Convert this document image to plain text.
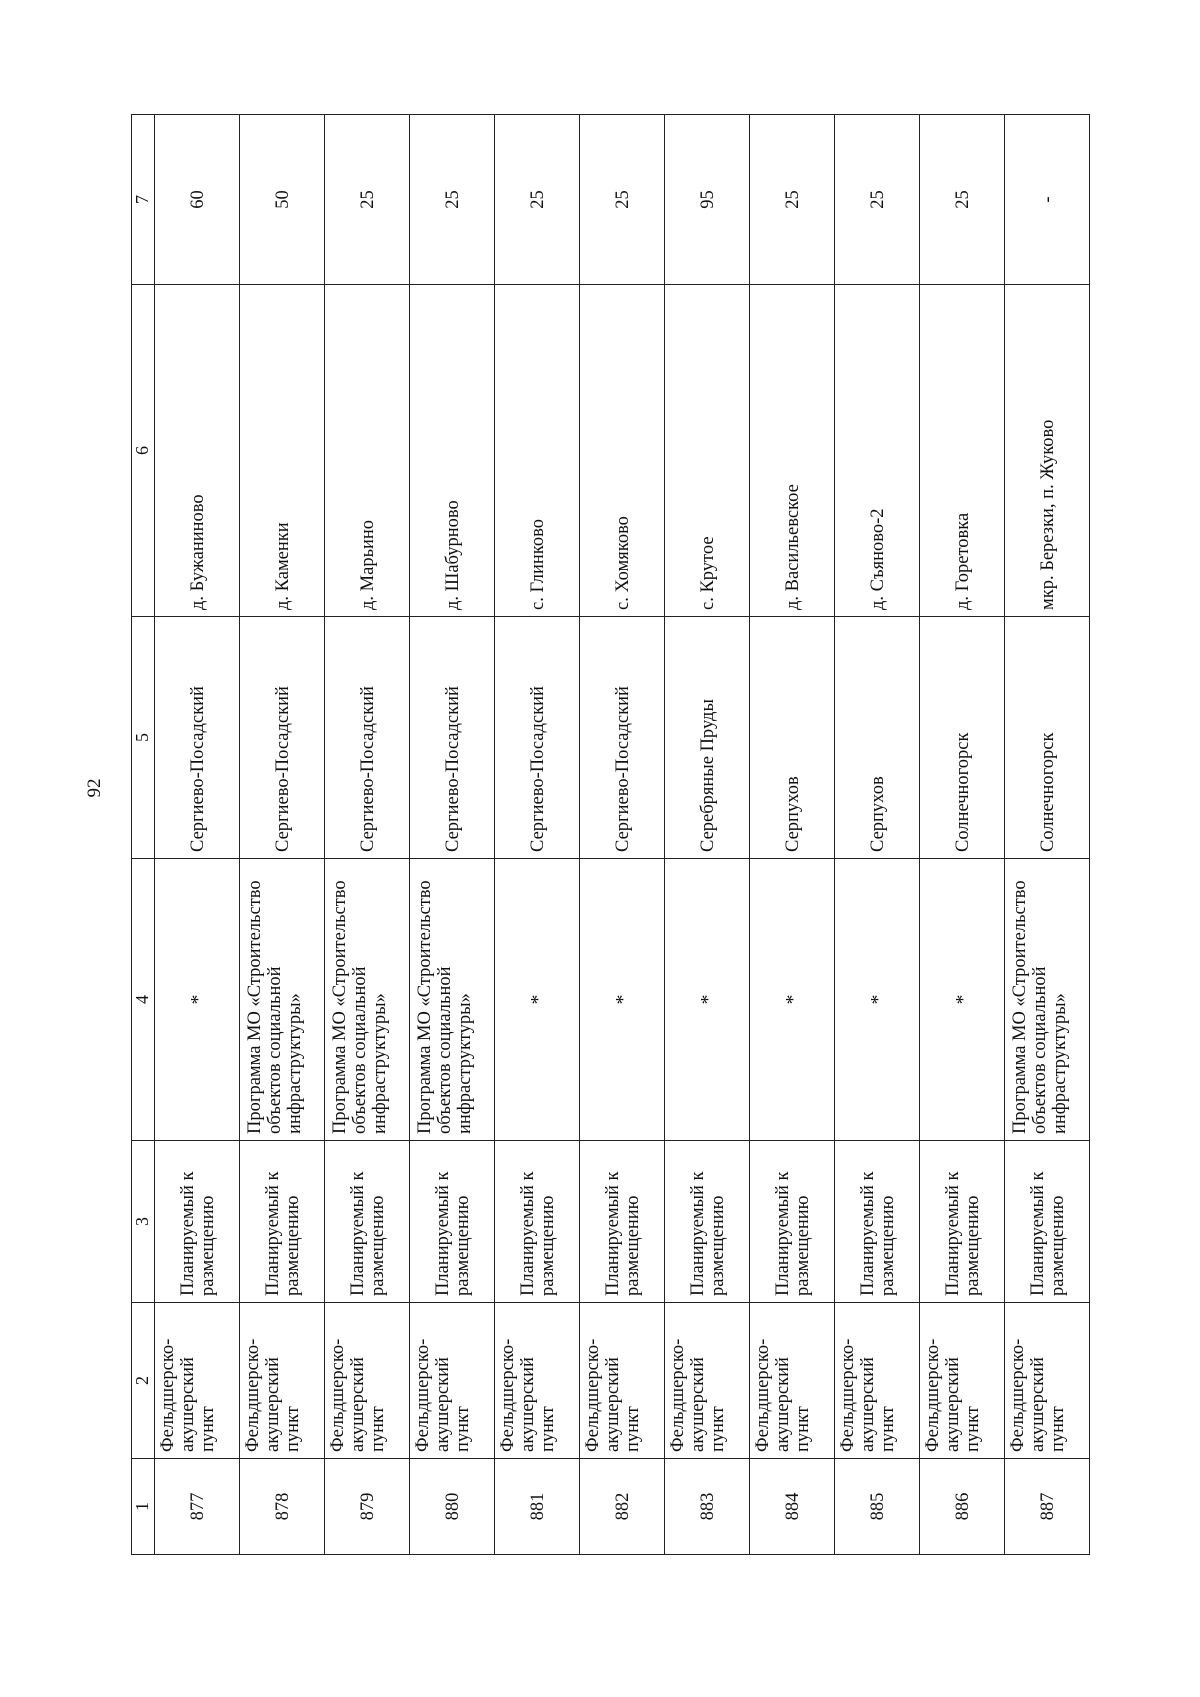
92
1	2	3	4	5	6	7
877	Фельдшерско-акушерский пункт	Планируемый к размещению	*	Сергиево-Посадский	д. Бужаниново	60
878	Фельдшерско-акушерский пункт	Планируемый к размещению	Программа МО «Строительство объектов социальной инфраструктуры»	Сергиево-Посадский	д. Каменки	50
879	Фельдшерско-акушерский пункт	Планируемый к размещению	Программа МО «Строительство объектов социальной инфраструктуры»	Сергиево-Посадский	д. Марьино	25
880	Фельдшерско-акушерский пункт	Планируемый к размещению	Программа МО «Строительство объектов социальной инфраструктуры»	Сергиево-Посадский	д. Шабурново	25
881	Фельдшерско-акушерский пункт	Планируемый к размещению	*	Сергиево-Посадский	с. Глинково	25
882	Фельдшерско-акушерский пункт	Планируемый к размещению	*	Сергиево-Посадский	с. Хомяково	25
883	Фельдшерско-акушерский пункт	Планируемый к размещению	*	Серебряные Пруды	с. Крутое	95
884	Фельдшерско-акушерский пункт	Планируемый к размещению	*	Серпухов	д. Васильевское	25
885	Фельдшерско-акушерский пункт	Планируемый к размещению	*	Серпухов	д. Съяново-2	25
886	Фельдшерско-акушерский пункт	Планируемый к размещению	*	Солнечногорск	д. Горетовка	25
887	Фельдшерско-акушерский пункт	Планируемый к размещению	Программа МО «Строительство объектов социальной инфраструктуры»	Солнечногорск	мкр. Березки, п. Жуково	-
